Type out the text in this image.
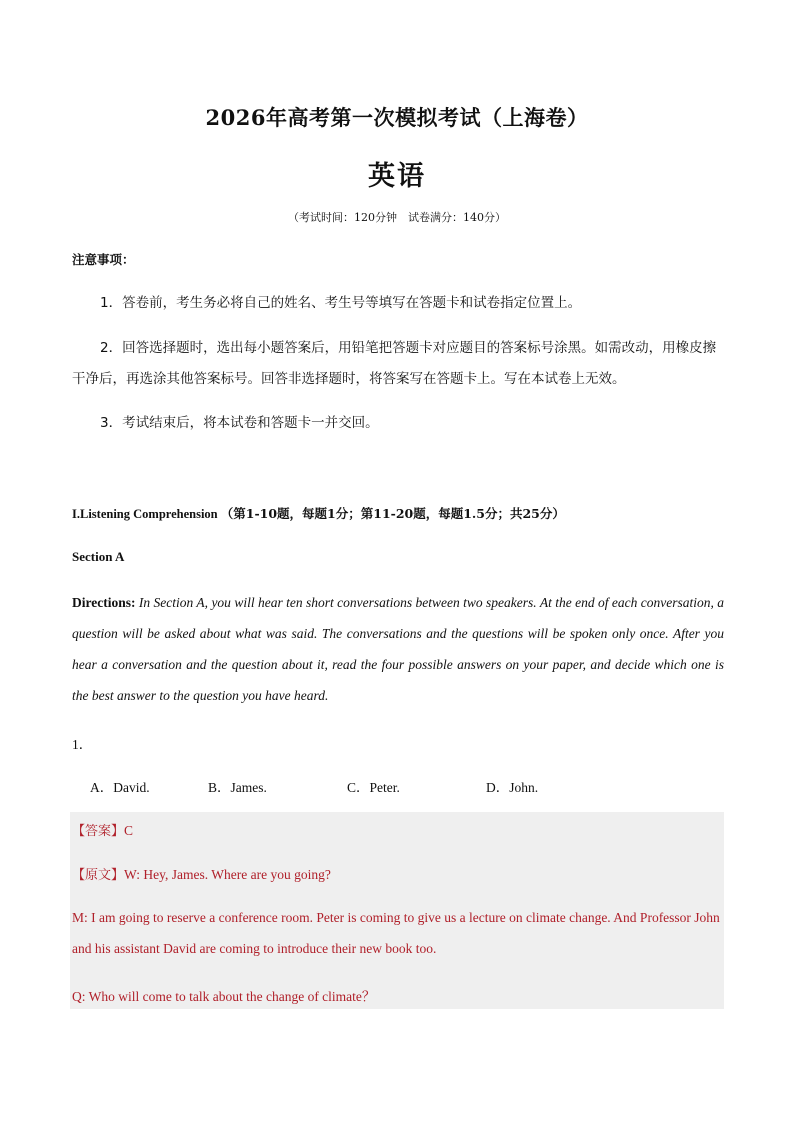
2026年高考第一次模拟考试（上海卷）
英语
（考试时间：120分钟　试卷满分：140分）
注意事项：
1．答卷前，考生务必将自己的姓名、考生号等填写在答题卡和试卷指定位置上。
2．回答选择题时，选出每小题答案后，用铅笔把答题卡对应题目的答案标号涂黑。如需改动，用橡皮擦干净后，再选涂其他答案标号。回答非选择题时，将答案写在答题卡上。写在本试卷上无效。
3．考试结束后，将本试卷和答题卡一并交回。
I.Listening Comprehension （第1-10题，每题1分；第11-20题，每题1.5分；共25分）
Section A
Directions: In Section A, you will hear ten short conversations between two speakers. At the end of each conversation, a question will be asked about what was said. The conversations and the questions will be spoken only once. After you hear a conversation and the question about it, read the four possible answers on your paper, and decide which one is the best answer to the question you have heard.
1．
A．David.	B．James.	C．Peter.	D．John.
【答案】C
【原文】W: Hey, James. Where are you going?
M: I am going to reserve a conference room. Peter is coming to give us a lecture on climate change. And Professor John and his assistant David are coming to introduce their new book too.
Q: Who will come to talk about the change of climate？
